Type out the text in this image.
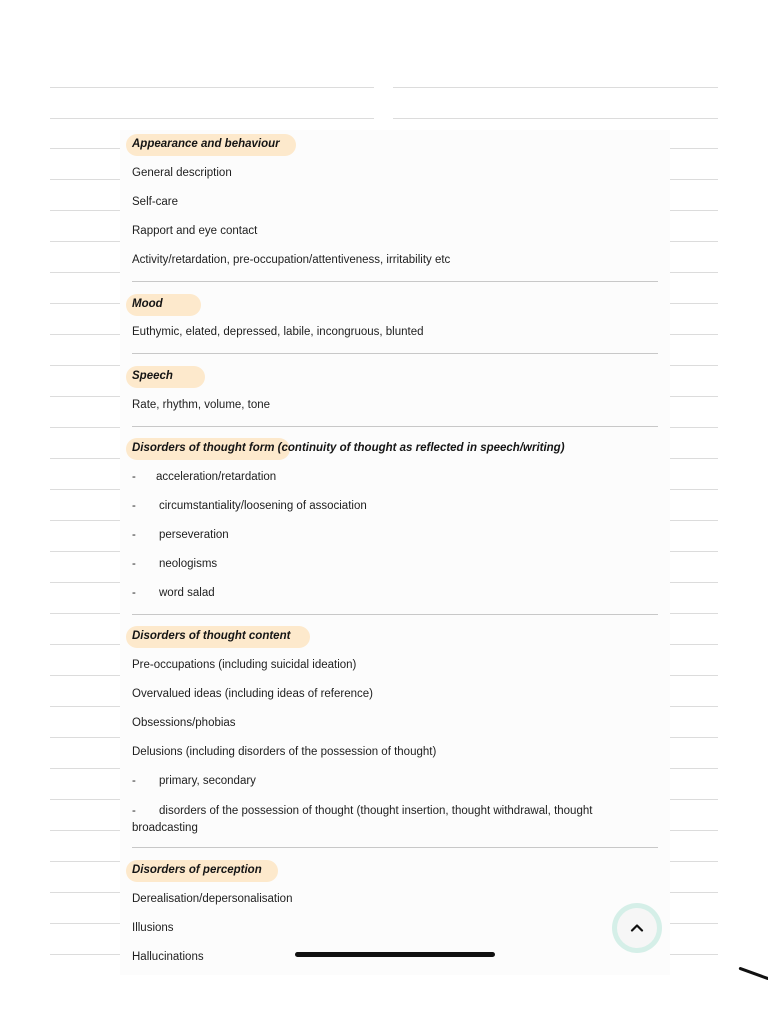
Appearance and behaviour
General description
Self-care
Rapport and eye contact
Activity/retardation, pre-occupation/attentiveness, irritability etc
Mood
Euthymic, elated, depressed, labile, incongruous, blunted
Speech
Rate, rhythm, volume, tone
Disorders of thought form (continuity of thought as reflected in speech/writing)
- acceleration/retardation
- circumstantiality/loosening of association
- perseveration
- neologisms
- word salad
Disorders of thought content
Pre-occupations (including suicidal ideation)
Overvalued ideas (including ideas of reference)
Obsessions/phobias
Delusions (including disorders of the possession of thought)
- primary, secondary
- disorders of the possession of thought (thought insertion, thought withdrawal, thought broadcasting
Disorders of perception
Derealisation/depersonalisation
Illusions
Hallucinations
